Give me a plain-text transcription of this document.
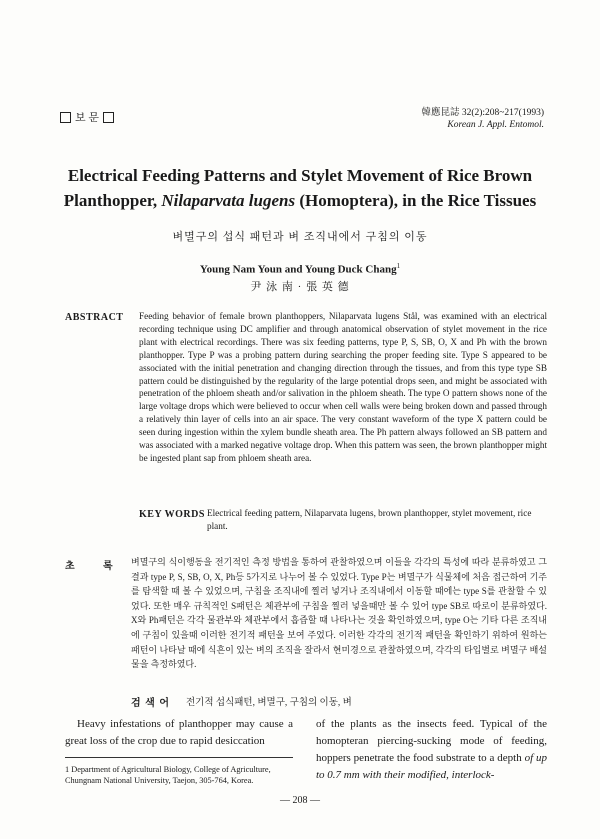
보 문	韓應昆誌 32(2):208~217(1993)
Korean J. Appl. Entomol.
Electrical Feeding Patterns and Stylet Movement of Rice Brown
Planthopper, Nilaparvata lugens (Homoptera), in the Rice Tissues
벼멸구의 섭식 패턴과 벼 조직내에서 구침의 이동
Young Nam Youn and Young Duck Chang$^1$
尹 泳 南 · 張 英 德
ABSTRACT Feeding behavior of female brown planthoppers, Nilaparvata lugens Stål, was examined with an electrical recording technique using DC amplifier and through anatomical observation of stylet movement in the rice plant with electrical recordings. There was six feeding patterns, type P, S, SB, O, X and Ph with the brown planthopper. Type P was a probing pattern during searching the proper feeding site. Type S appeared to be associated with the initial penetration and changing direction through the tissues, and from this type type SB pattern could be distinguished by the regularity of the large potential drops seen, and might be associated with penetration of the phloem sheath and/or salivation in the phloem sheath. The type O pattern shows none of the large voltage drops which were believed to occur when cell walls were being broken down and passed through a relatively thin layer of cells into an air space. The very constant waveform of the type X pattern could be seen during ingestion within the xylem bundle sheath area. The Ph pattern always followed an SB pattern and was associated with a marked negative voltage drop. When this pattern was seen, the brown planthopper might be ingested plant sap from phloem sheath area.
KEY WORDS Electrical feeding pattern, Nilaparvata lugens, brown planthopper, stylet movement, rice plant.
초	록 벼멸구의 식이행동을 전기적인 측정 방법을 통하여 관찰하였으며 이들을 각각의 특성에 따라 분류하였고 그 결과 type P, S, SB, O, X, Ph등 5가지로 나누어 볼 수 있었다. Type P는 벼멸구가 식물체에 처음 접근하여 기주를 탐색할 때 볼 수 있었으며, 구침을 조직내에 찔러 넣거나 조직내에서 이동할 때에는 type S를 관찰할 수 있었다. 또한 매우 규칙적인 S패턴은 체관부에 구침을 찔러 넣을때만 볼 수 있어 type SB로 따로이 분류하였다. X와 Ph패턴은 각각 물관부와 체관부에서 흡즙할 때 나타나는 것을 확인하였으며, type O는 기타 다른 조직내에 구침이 있을때 이러한 전기적 패턴을 보여 주었다. 이러한 각각의 전기적 패턴을 확인하기 위하여 원하는 패턴이 나타날 때에 식흔이 있는 벼의 조직을 잘라서 현미경으로 관찰하였으며, 각각의 타입별로 벼멸구 배설물을 측정하였다.
검 색 어 전기적 섭식패턴, 벼멸구, 구침의 이동, 벼
Heavy infestations of planthopper may cause a great loss of the crop due to rapid desiccation
of the plants as the insects feed. Typical of the homopteran piercing-sucking mode of feeding, hoppers penetrate the food substrate to a depth of up to 0.7 mm with their modified, interlock-
1 Department of Agricultural Biology, College of Agriculture,
Chungnam National University, Taejon, 305-764, Korea.
— 208 —
